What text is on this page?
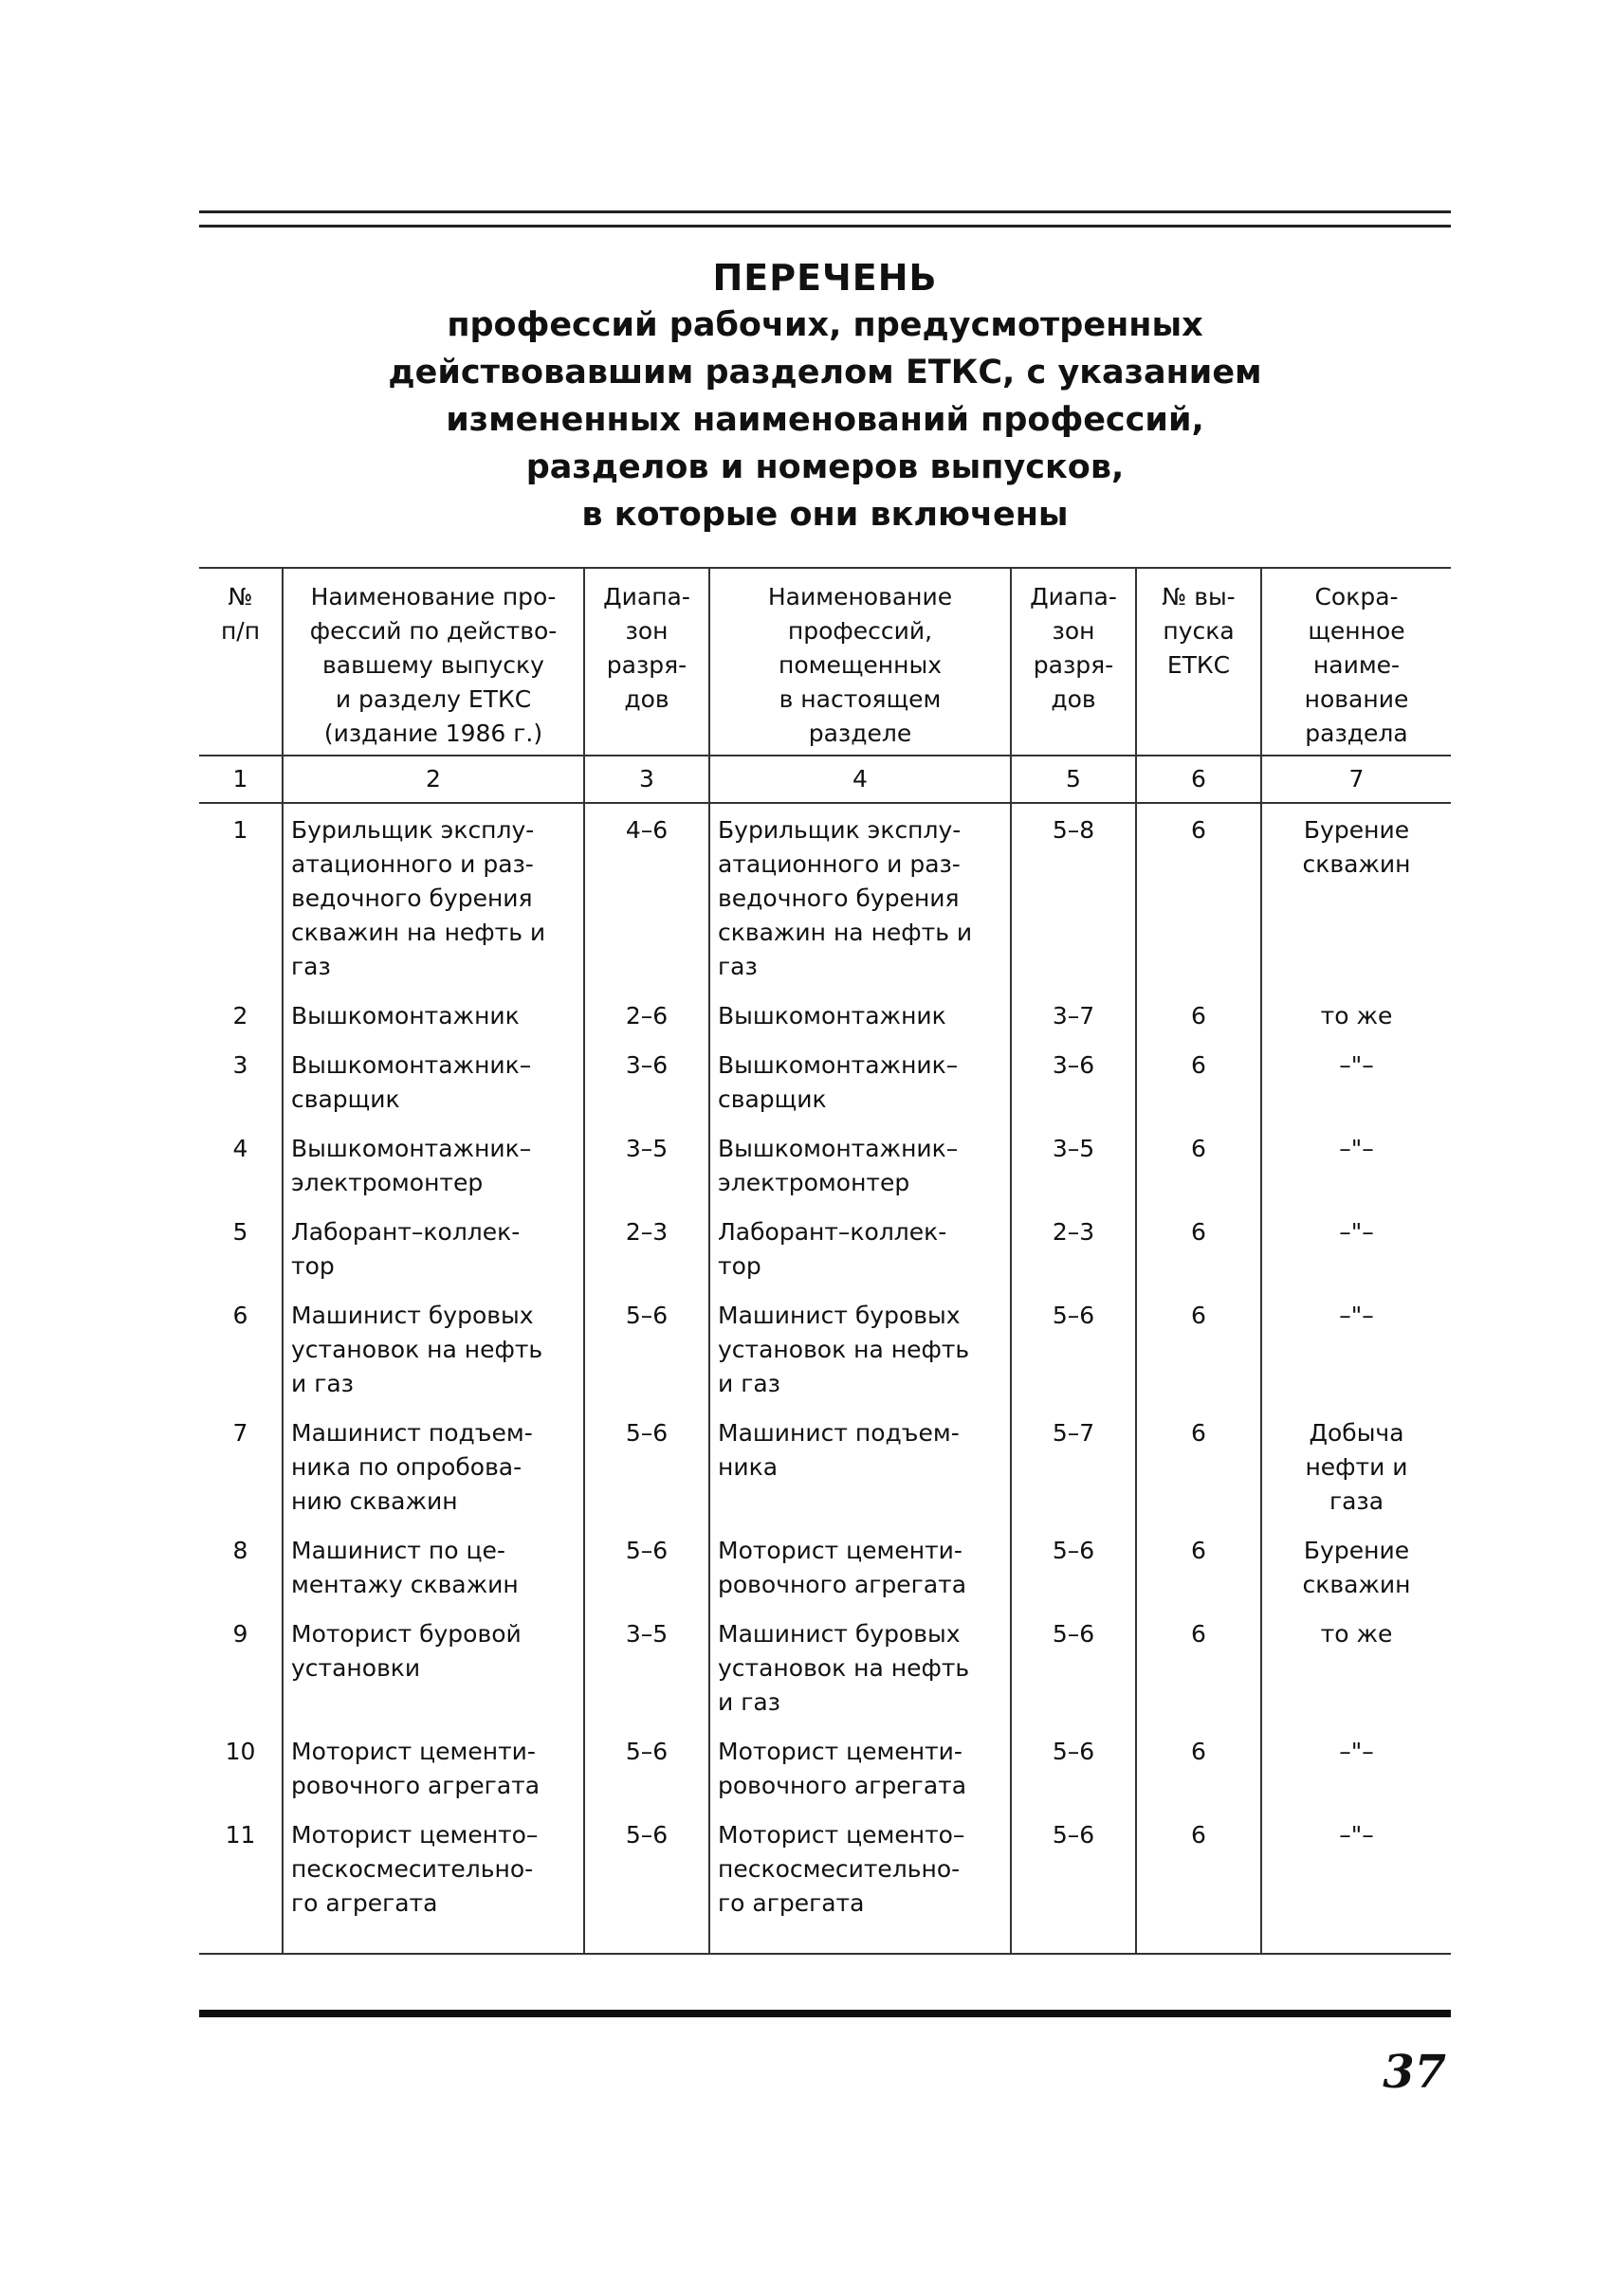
ПЕРЕЧЕНЬ
профессий рабочих, предусмотренных
действовавшим разделом ЕТКС, с указанием
измененных наименований профессий,
разделов и номеров выпусков,
в которые они включены
№
п/п	Наименование про-
фессий по действо-
вавшему выпуску
и разделу ЕТКС
(издание 1986 г.)	Диапа-
зон
разря-
дов	Наименование
профессий,
помещенных
в настоящем
разделе	Диапа-
зон
разря-
дов	№ вы-
пуска
ЕТКС	Сокра-
щенное
наиме-
нование
раздела

1	2	3	4	5	6	7

1	Бурильщик эксплу-
атационного и раз-
ведочного бурения
скважин на нефть и
газ	4–6	Бурильщик эксплу-
атационного и раз-
ведочного бурения
скважин на нефть и
газ	5–8	6	Бурение
скважин

2	Вышкомонтажник	2–6	Вышкомонтажник	3–7	6	то же

3	Вышкомонтажник–
сварщик	3–6	Вышкомонтажник–
сварщик	3–6	6	–"–

4	Вышкомонтажник–
электромонтер	3–5	Вышкомонтажник–
электромонтер	3–5	6	–"–

5	Лаборант–коллек-
тор	2–3	Лаборант–коллек-
тор	2–3	6	–"–

6	Машинист буровых
установок на нефть
и газ	5–6	Машинист буровых
установок на нефть
и газ	5–6	6	–"–

7	Машинист подъем-
ника по опробова-
нию скважин	5–6	Машинист подъем-
ника	5–7	6	Добыча
нефти и
газа

8	Машинист по це-
ментажу скважин	5–6	Моторист цементи-
ровочного агрегата	5–6	6	Бурение
скважин

9	Моторист буровой
установки	3–5	Машинист буровых
установок на нефть
и газ	5–6	6	то же

10	Моторист цементи-
ровочного агрегата	5–6	Моторист цементи-
ровочного агрегата	5–6	6	–"–

11	Моторист цементо–
пескосмесительно-
го агрегата	5–6	Моторист цементо–
пескосмесительно-
го агрегата	5–6	6	–"–
37
